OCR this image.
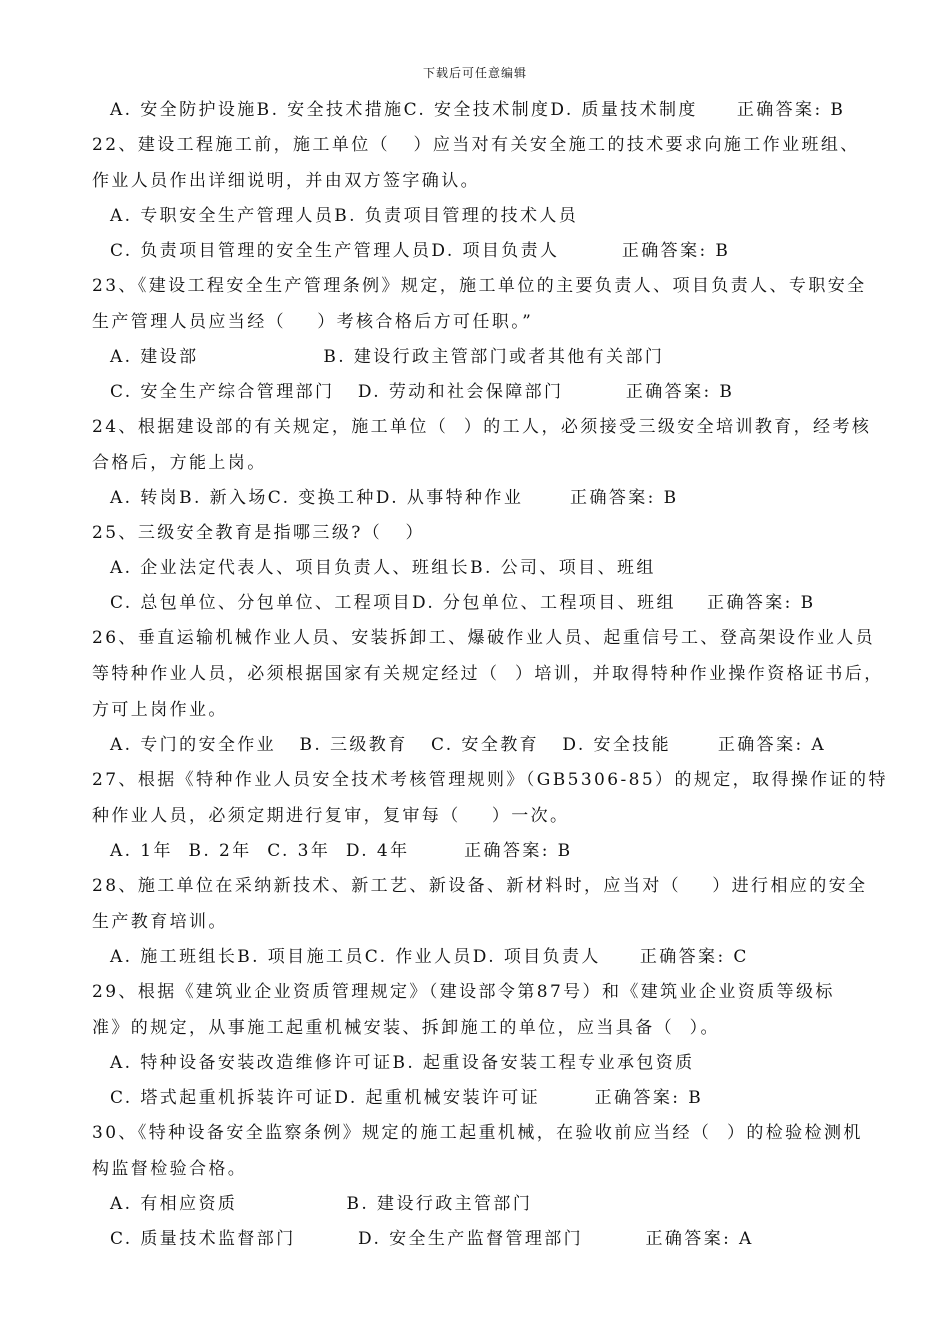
下载后可任意编辑
A. 安全防护设施B. 安全技术措施C. 安全技术制度D. 质量技术制度     正确答案: B
22、建设工程施工前，施工单位（   ）应当对有关安全施工的技术要求向施工作业班组、
作业人员作出详细说明，并由双方签字确认。
A. 专职安全生产管理人员B. 负责项目管理的技术人员
C. 负责项目管理的安全生产管理人员D. 项目负责人        正确答案: B
23、《建设工程安全生产管理条例》规定，施工单位的主要负责人、项目负责人、专职安全
生产管理人员应当经（    ）考核合格后方可任职。”
A. 建设部                B. 建设行政主管部门或者其他有关部门
C. 安全生产综合管理部门   D. 劳动和社会保障部门        正确答案: B
24、根据建设部的有关规定，施工单位（  ）的工人，必须接受三级安全培训教育，经考核
合格后，方能上岗。
A. 转岗B. 新入场C. 变换工种D. 从事特种作业      正确答案: B
25、三级安全教育是指哪三级?（   ）
A. 企业法定代表人、项目负责人、班组长B. 公司、项目、班组
C. 总包单位、分包单位、工程项目D. 分包单位、工程项目、班组    正确答案: B
26、垂直运输机械作业人员、安装拆卸工、爆破作业人员、起重信号工、登高架设作业人员
等特种作业人员，必须根据国家有关规定经过（  ）培训，并取得特种作业操作资格证书后，
方可上岗作业。
A. 专门的安全作业   B. 三级教育   C. 安全教育   D. 安全技能      正确答案: A
27、根据《特种作业人员安全技术考核管理规则》（GB5306-85）的规定，取得操作证的特
种作业人员，必须定期进行复审，复审每（    ）一次。
A. 1年  B. 2年  C. 3年  D. 4年       正确答案: B
28、施工单位在采纳新技术、新工艺、新设备、新材料时，应当对（    ）进行相应的安全
生产教育培训。
A. 施工班组长B. 项目施工员C. 作业人员D. 项目负责人     正确答案: C
29、根据《建筑业企业资质管理规定》（建设部令第87号）和《建筑业企业资质等级标
准》的规定，从事施工起重机械安装、拆卸施工的单位，应当具备（  ）。
A. 特种设备安装改造维修许可证B. 起重设备安装工程专业承包资质
C. 塔式起重机拆装许可证D. 起重机械安装许可证       正确答案: B
30、《特种设备安全监察条例》规定的施工起重机械，在验收前应当经（  ）的检验检测机
构监督检验合格。
A. 有相应资质              B. 建设行政主管部门
C. 质量技术监督部门        D. 安全生产监督管理部门        正确答案: A
